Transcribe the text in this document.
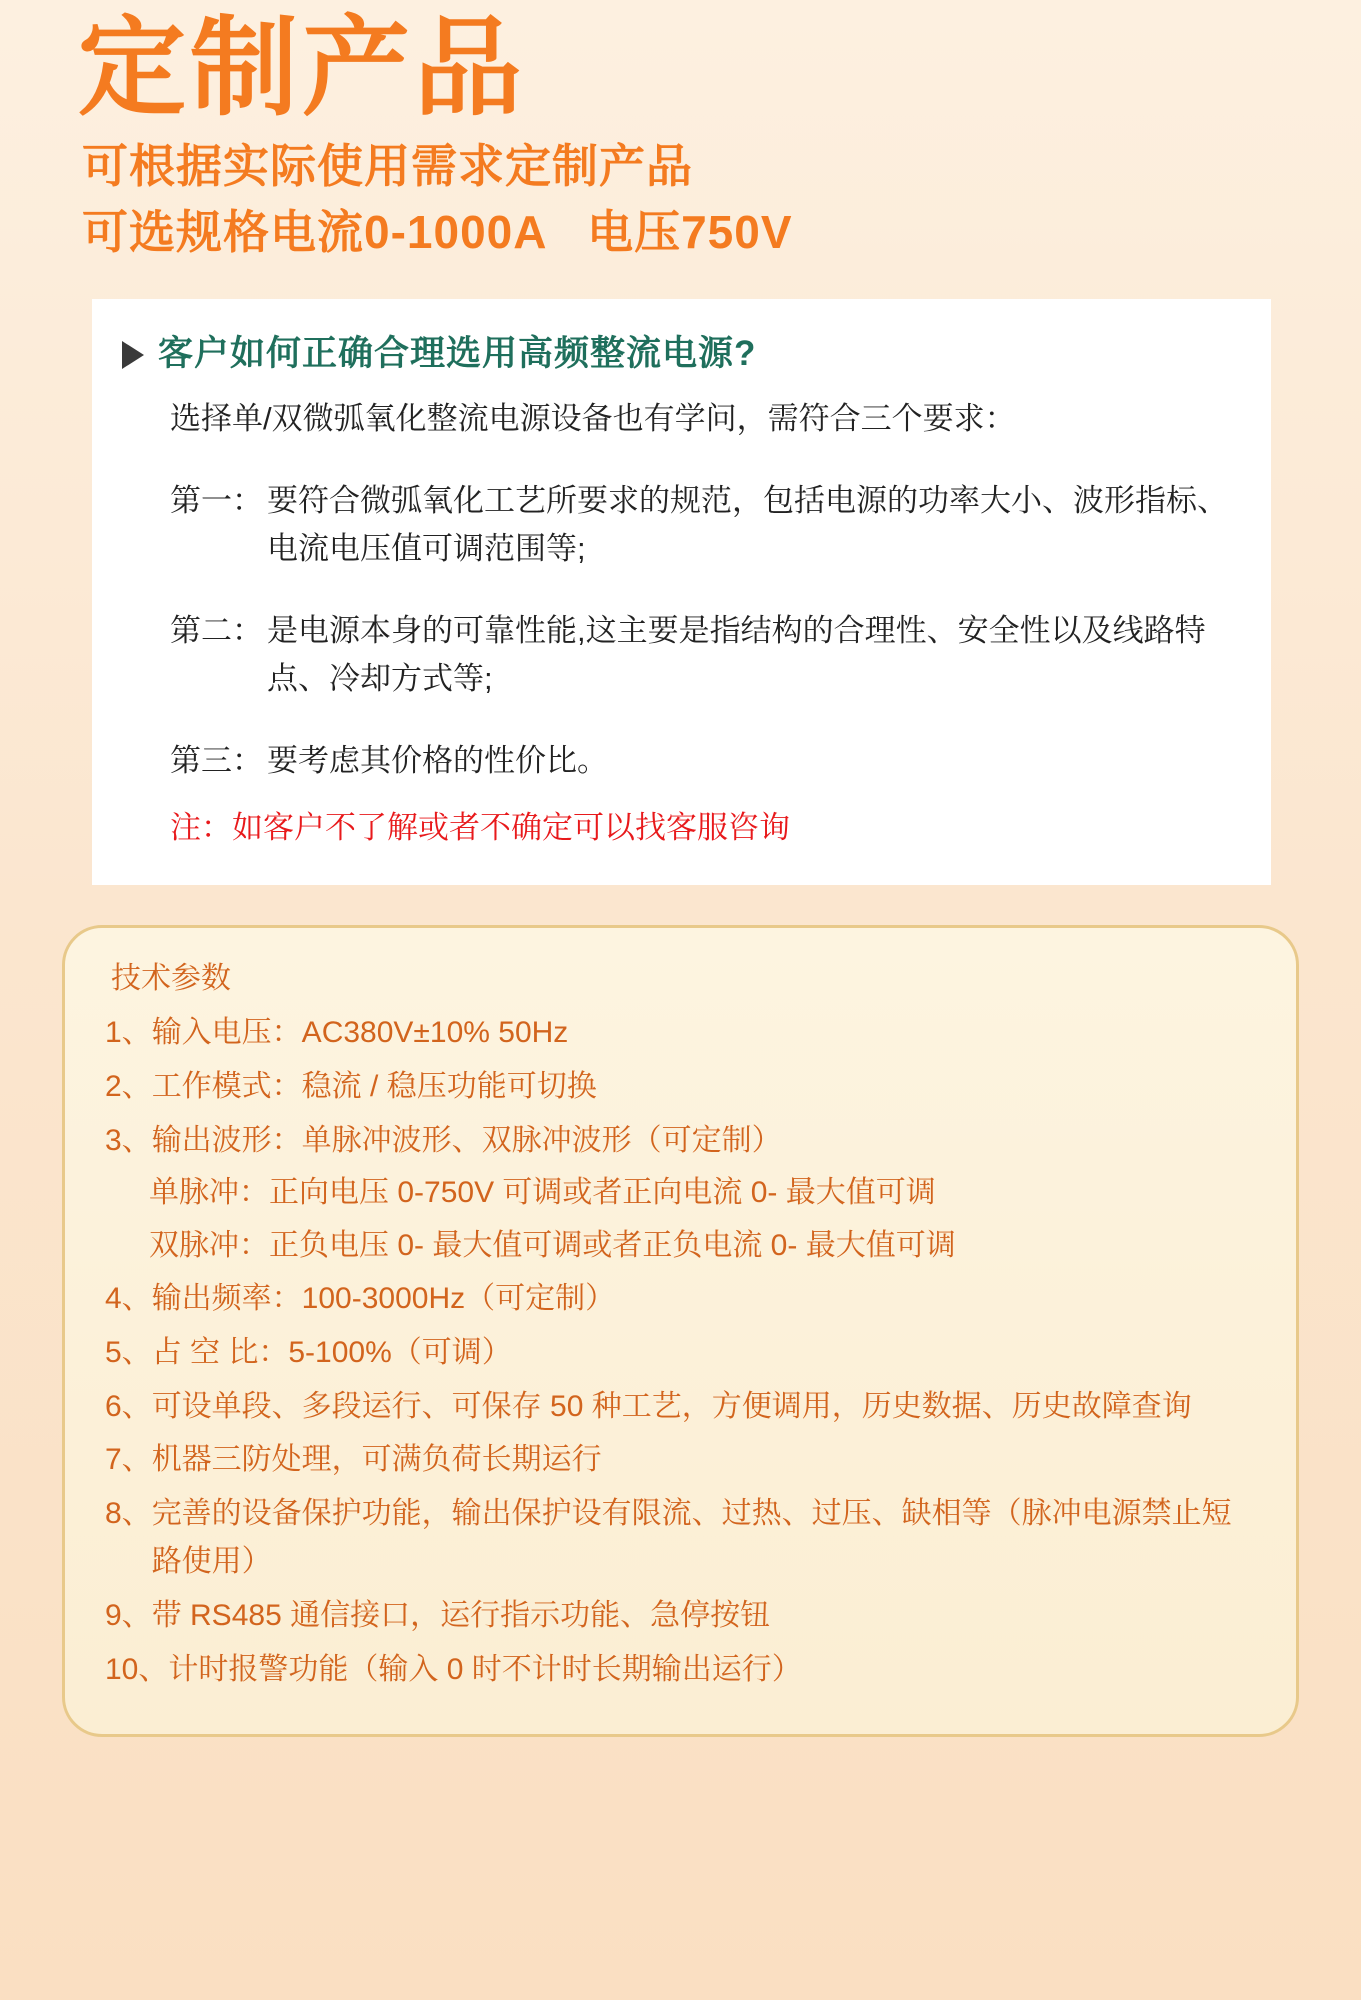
定制产品
可根据实际使用需求定制产品
可选规格电流0-1000A   电压750V
客户如何正确合理选用高频整流电源?
选择单/双微弧氧化整流电源设备也有学问，需符合三个要求：
第一： 要符合微弧氧化工艺所要求的规范，包括电源的功率大小、波形指标、电流电压值可调范围等;
第二： 是电源本身的可靠性能,这主要是指结构的合理性、安全性以及线路特点、冷却方式等;
第三： 要考虑其价格的性价比。
注：如客户不了解或者不确定可以找客服咨询
技术参数
1、 输入电压：AC380V±10% 50Hz
2、 工作模式：稳流 / 稳压功能可切换
3、 输出波形：单脉冲波形、双脉冲波形（可定制）
单脉冲：正向电压 0-750V 可调或者正向电流 0- 最大值可调
双脉冲：正负电压 0- 最大值可调或者正负电流 0- 最大值可调
4、 输出频率：100-3000Hz（可定制）
5、 占 空 比：5-100%（可调）
6、 可设单段、多段运行、可保存 50 种工艺，方便调用，历史数据、历史故障查询
7、 机器三防处理，可满负荷长期运行
8、 完善的设备保护功能，输出保护设有限流、过热、过压、缺相等（脉冲电源禁止短路使用）
9、 带 RS485 通信接口，运行指示功能、急停按钮
10、 计时报警功能（输入 0 时不计时长期输出运行）
